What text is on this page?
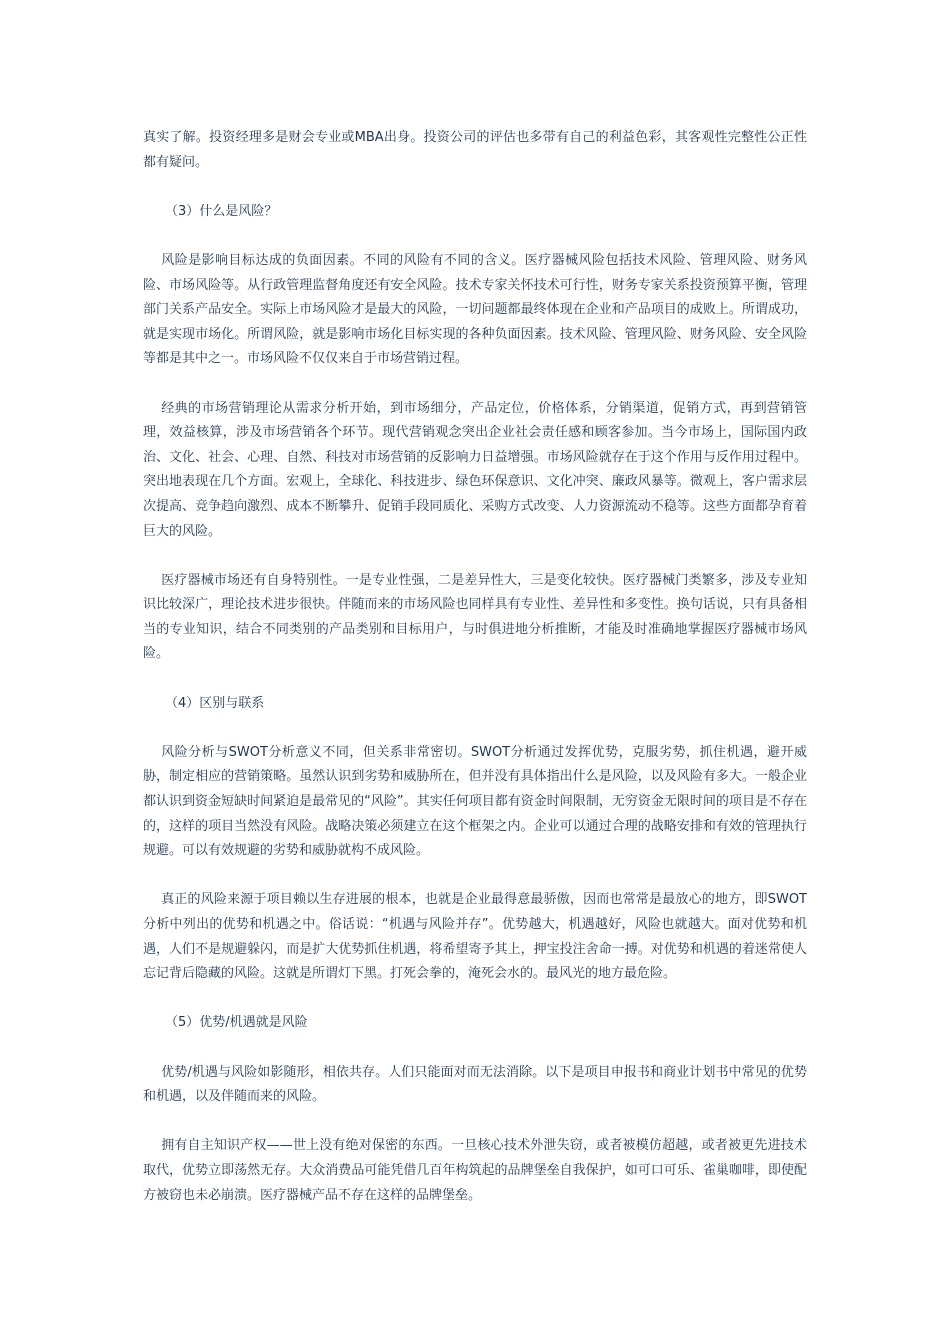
真实了解。投资经理多是财会专业或MBA出身。投资公司的评估也多带有自己的利益色彩，其客观性完整性公正性都有疑问。

（3）什么是风险？

风险是影响目标达成的负面因素。不同的风险有不同的含义。医疗器械风险包括技术风险、管理风险、财务风险、市场风险等。从行政管理监督角度还有安全风险。技术专家关怀技术可行性，财务专家关系投资预算平衡，管理部门关系产品安全。实际上市场风险才是最大的风险，一切问题都最终体现在企业和产品项目的成败上。所谓成功，就是实现市场化。所谓风险，就是影响市场化目标实现的各种负面因素。技术风险、管理风险、财务风险、安全风险等都是其中之一。市场风险不仅仅来自于市场营销过程。

经典的市场营销理论从需求分析开始，到市场细分，产品定位，价格体系，分销渠道，促销方式，再到营销管理，效益核算，涉及市场营销各个环节。现代营销观念突出企业社会责任感和顾客参加。当今市场上，国际国内政治、文化、社会、心理、自然、科技对市场营销的反影响力日益增强。市场风险就存在于这个作用与反作用过程中。突出地表现在几个方面。宏观上，全球化、科技进步、绿色环保意识、文化冲突、廉政风暴等。微观上，客户需求层次提高、竞争趋向激烈、成本不断攀升、促销手段同质化、采购方式改变、人力资源流动不稳等。这些方面都孕育着巨大的风险。

医疗器械市场还有自身特别性。一是专业性强，二是差异性大，三是变化较快。医疗器械门类繁多，涉及专业知识比较深广，理论技术进步很快。伴随而来的市场风险也同样具有专业性、差异性和多变性。换句话说，只有具备相当的专业知识，结合不同类别的产品类别和目标用户，与时俱进地分析推断，才能及时准确地掌握医疗器械市场风险。

（4）区别与联系

风险分析与SWOT分析意义不同，但关系非常密切。SWOT分析通过发挥优势，克服劣势，抓住机遇，避开威胁，制定相应的营销策略。虽然认识到劣势和威胁所在，但并没有具体指出什么是风险，以及风险有多大。一般企业都认识到资金短缺时间紧迫是最常见的“风险”。其实任何项目都有资金时间限制，无穷资金无限时间的项目是不存在的，这样的项目当然没有风险。战略决策必须建立在这个框架之内。企业可以通过合理的战略安排和有效的管理执行规避。可以有效规避的劣势和威胁就构不成风险。

真正的风险来源于项目赖以生存进展的根本，也就是企业最得意最骄傲，因而也常常是最放心的地方，即SWOT分析中列出的优势和机遇之中。俗话说：“机遇与风险并存”。优势越大，机遇越好，风险也就越大。面对优势和机遇，人们不是规避躲闪，而是扩大优势抓住机遇，将希望寄予其上，押宝投注舍命一搏。对优势和机遇的着迷常使人忘记背后隐藏的风险。这就是所谓灯下黑。打死会拳的，淹死会水的。最风光的地方最危险。

（5）优势/机遇就是风险

优势/机遇与风险如影随形，相依共存。人们只能面对而无法消除。以下是项目申报书和商业计划书中常见的优势和机遇，以及伴随而来的风险。

拥有自主知识产权——世上没有绝对保密的东西。一旦核心技术外泄失窃，或者被模仿超越，或者被更先进技术取代，优势立即荡然无存。大众消费品可能凭借几百年构筑起的品牌堡垒自我保护，如可口可乐、雀巢咖啡，即使配方被窃也未必崩溃。医疗器械产品不存在这样的品牌堡垒。
